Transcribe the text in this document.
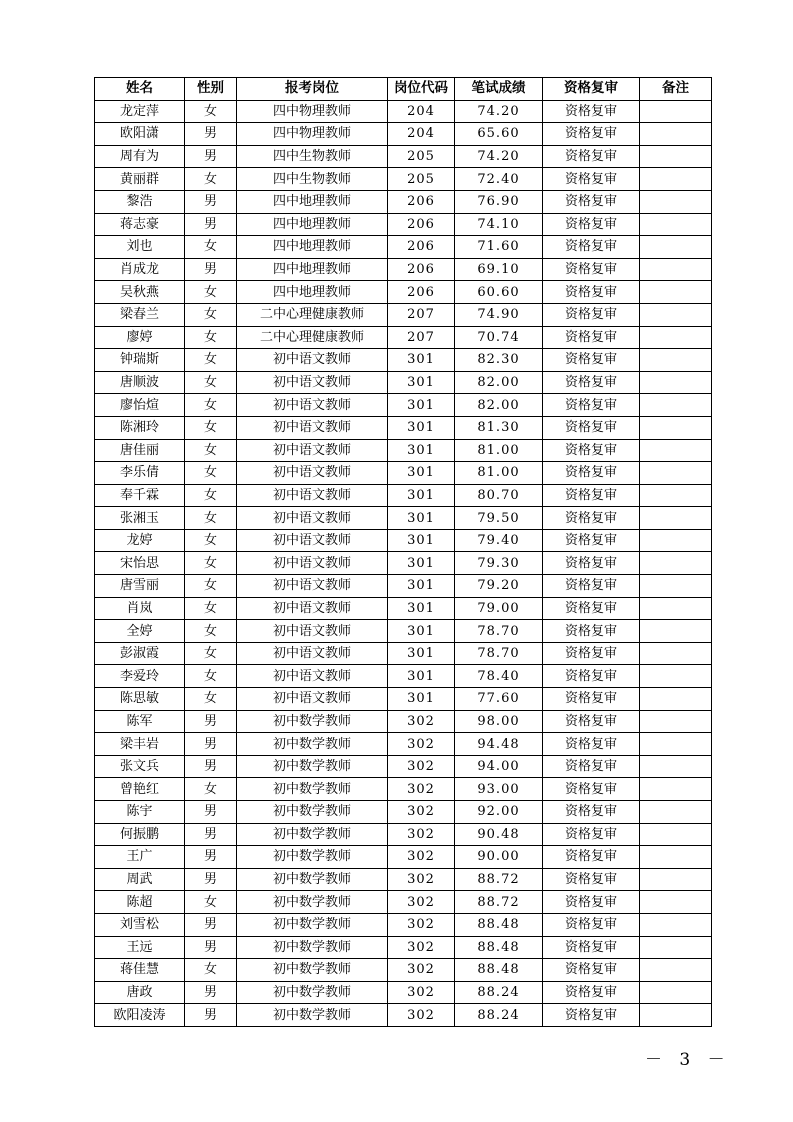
姓名	性别	报考岗位	岗位代码	笔试成绩	资格复审	备注
龙定萍	女	四中物理教师	204	74.20	资格复审	
欧阳潇	男	四中物理教师	204	65.60	资格复审	
周有为	男	四中生物教师	205	74.20	资格复审	
黄丽群	女	四中生物教师	205	72.40	资格复审	
黎浩	男	四中地理教师	206	76.90	资格复审	
蒋志豪	男	四中地理教师	206	74.10	资格复审	
刘也	女	四中地理教师	206	71.60	资格复审	
肖成龙	男	四中地理教师	206	69.10	资格复审	
吴秋燕	女	四中地理教师	206	60.60	资格复审	
梁春兰	女	二中心理健康教师	207	74.90	资格复审	
廖婷	女	二中心理健康教师	207	70.74	资格复审	
钟瑞斯	女	初中语文教师	301	82.30	资格复审	
唐顺波	女	初中语文教师	301	82.00	资格复审	
廖怡煊	女	初中语文教师	301	82.00	资格复审	
陈湘玲	女	初中语文教师	301	81.30	资格复审	
唐佳丽	女	初中语文教师	301	81.00	资格复审	
李乐倩	女	初中语文教师	301	81.00	资格复审	
奉千霖	女	初中语文教师	301	80.70	资格复审	
张湘玉	女	初中语文教师	301	79.50	资格复审	
龙婷	女	初中语文教师	301	79.40	资格复审	
宋怡思	女	初中语文教师	301	79.30	资格复审	
唐雪丽	女	初中语文教师	301	79.20	资格复审	
肖岚	女	初中语文教师	301	79.00	资格复审	
全婷	女	初中语文教师	301	78.70	资格复审	
彭淑霞	女	初中语文教师	301	78.70	资格复审	
李爱玲	女	初中语文教师	301	78.40	资格复审	
陈思敏	女	初中语文教师	301	77.60	资格复审	
陈军	男	初中数学教师	302	98.00	资格复审	
梁丰岩	男	初中数学教师	302	94.48	资格复审	
张文兵	男	初中数学教师	302	94.00	资格复审	
曾艳红	女	初中数学教师	302	93.00	资格复审	
陈宇	男	初中数学教师	302	92.00	资格复审	
何振鹏	男	初中数学教师	302	90.48	资格复审	
王广	男	初中数学教师	302	90.00	资格复审	
周武	男	初中数学教师	302	88.72	资格复审	
陈超	女	初中数学教师	302	88.72	资格复审	
刘雪松	男	初中数学教师	302	88.48	资格复审	
王远	男	初中数学教师	302	88.48	资格复审	
蒋佳慧	女	初中数学教师	302	88.48	资格复审	
唐政	男	初中数学教师	302	88.24	资格复审	
欧阳凌涛	男	初中数学教师	302	88.24	资格复审	
－ 3 －
